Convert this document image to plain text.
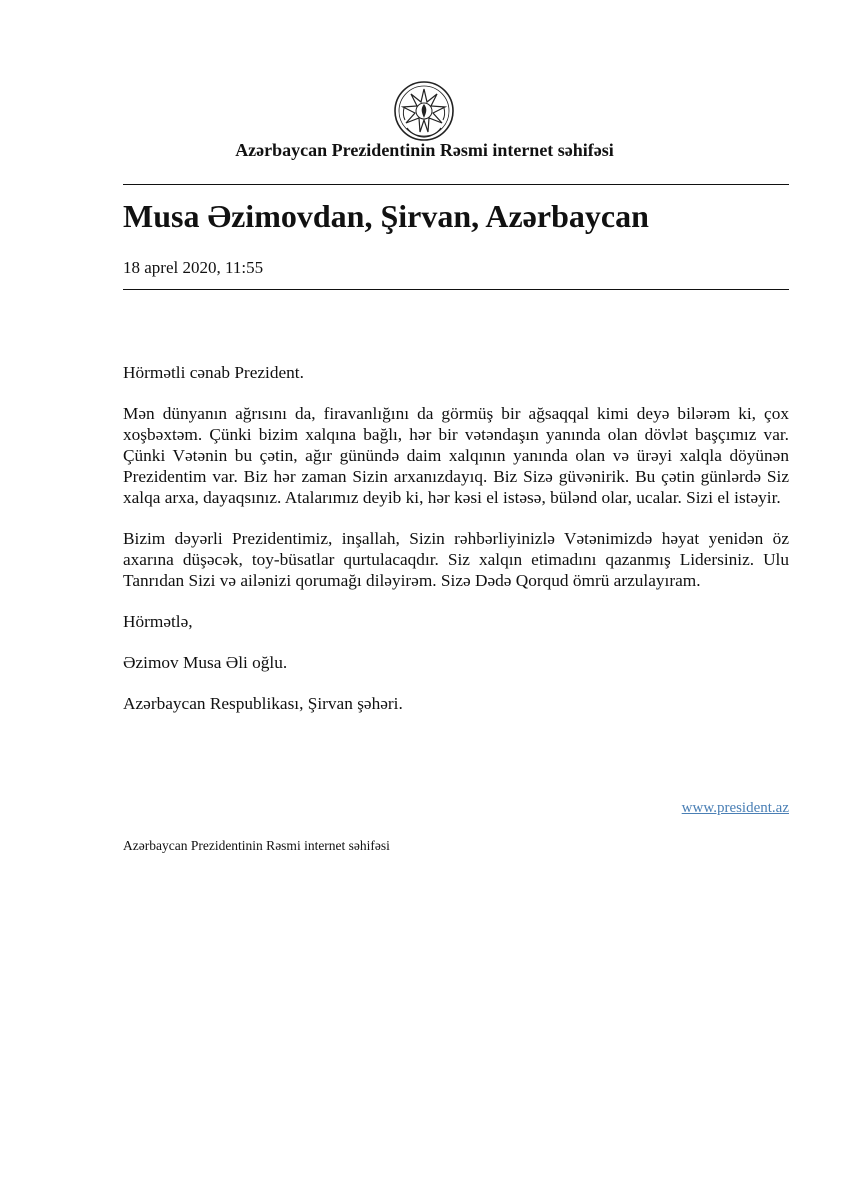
Azərbaycan Prezidentinin Rəsmi internet səhifəsi
Musa Əzimovdan, Şirvan, Azərbaycan
18 aprel 2020, 11:55

Hörmətli cənab Prezident.

Mən dünyanın ağrısını da, firavanlığını da görmüş bir ağsaqqal kimi deyə bilərəm ki, çox xoşbəxtəm. Çünki bizim xalqına bağlı, hər bir vətəndaşın yanında olan dövlət başçımız var. Çünki Vətənin bu çətin, ağır günündə daim xalqının yanında olan və ürəyi xalqla döyünən Prezidentim var. Biz hər zaman Sizin arxanızdayıq. Biz Sizə güvənirik. Bu çətin günlərdə Siz xalqa arxa, dayaqsınız. Atalarımız deyib ki, hər kəsi el istəsə, bülənd olar, ucalar. Sizi el istəyir.

Bizim dəyərli Prezidentimiz, inşallah, Sizin rəhbərliyinizlə Vətənimizdə həyat yenidən öz axarına düşəcək, toy-büsatlar qurtulacaqdır. Siz xalqın etimadını qazanmış Lidersiniz. Ulu Tanrıdan Sizi və ailənizi qorumağı diləyirəm. Sizə Dədə Qorqud ömrü arzulayıram.

Hörmətlə,

Əzimov Musa Əli oğlu.

Azərbaycan Respublikası, Şirvan şəhəri.

www.president.az
Azərbaycan Prezidentinin Rəsmi internet səhifəsi
